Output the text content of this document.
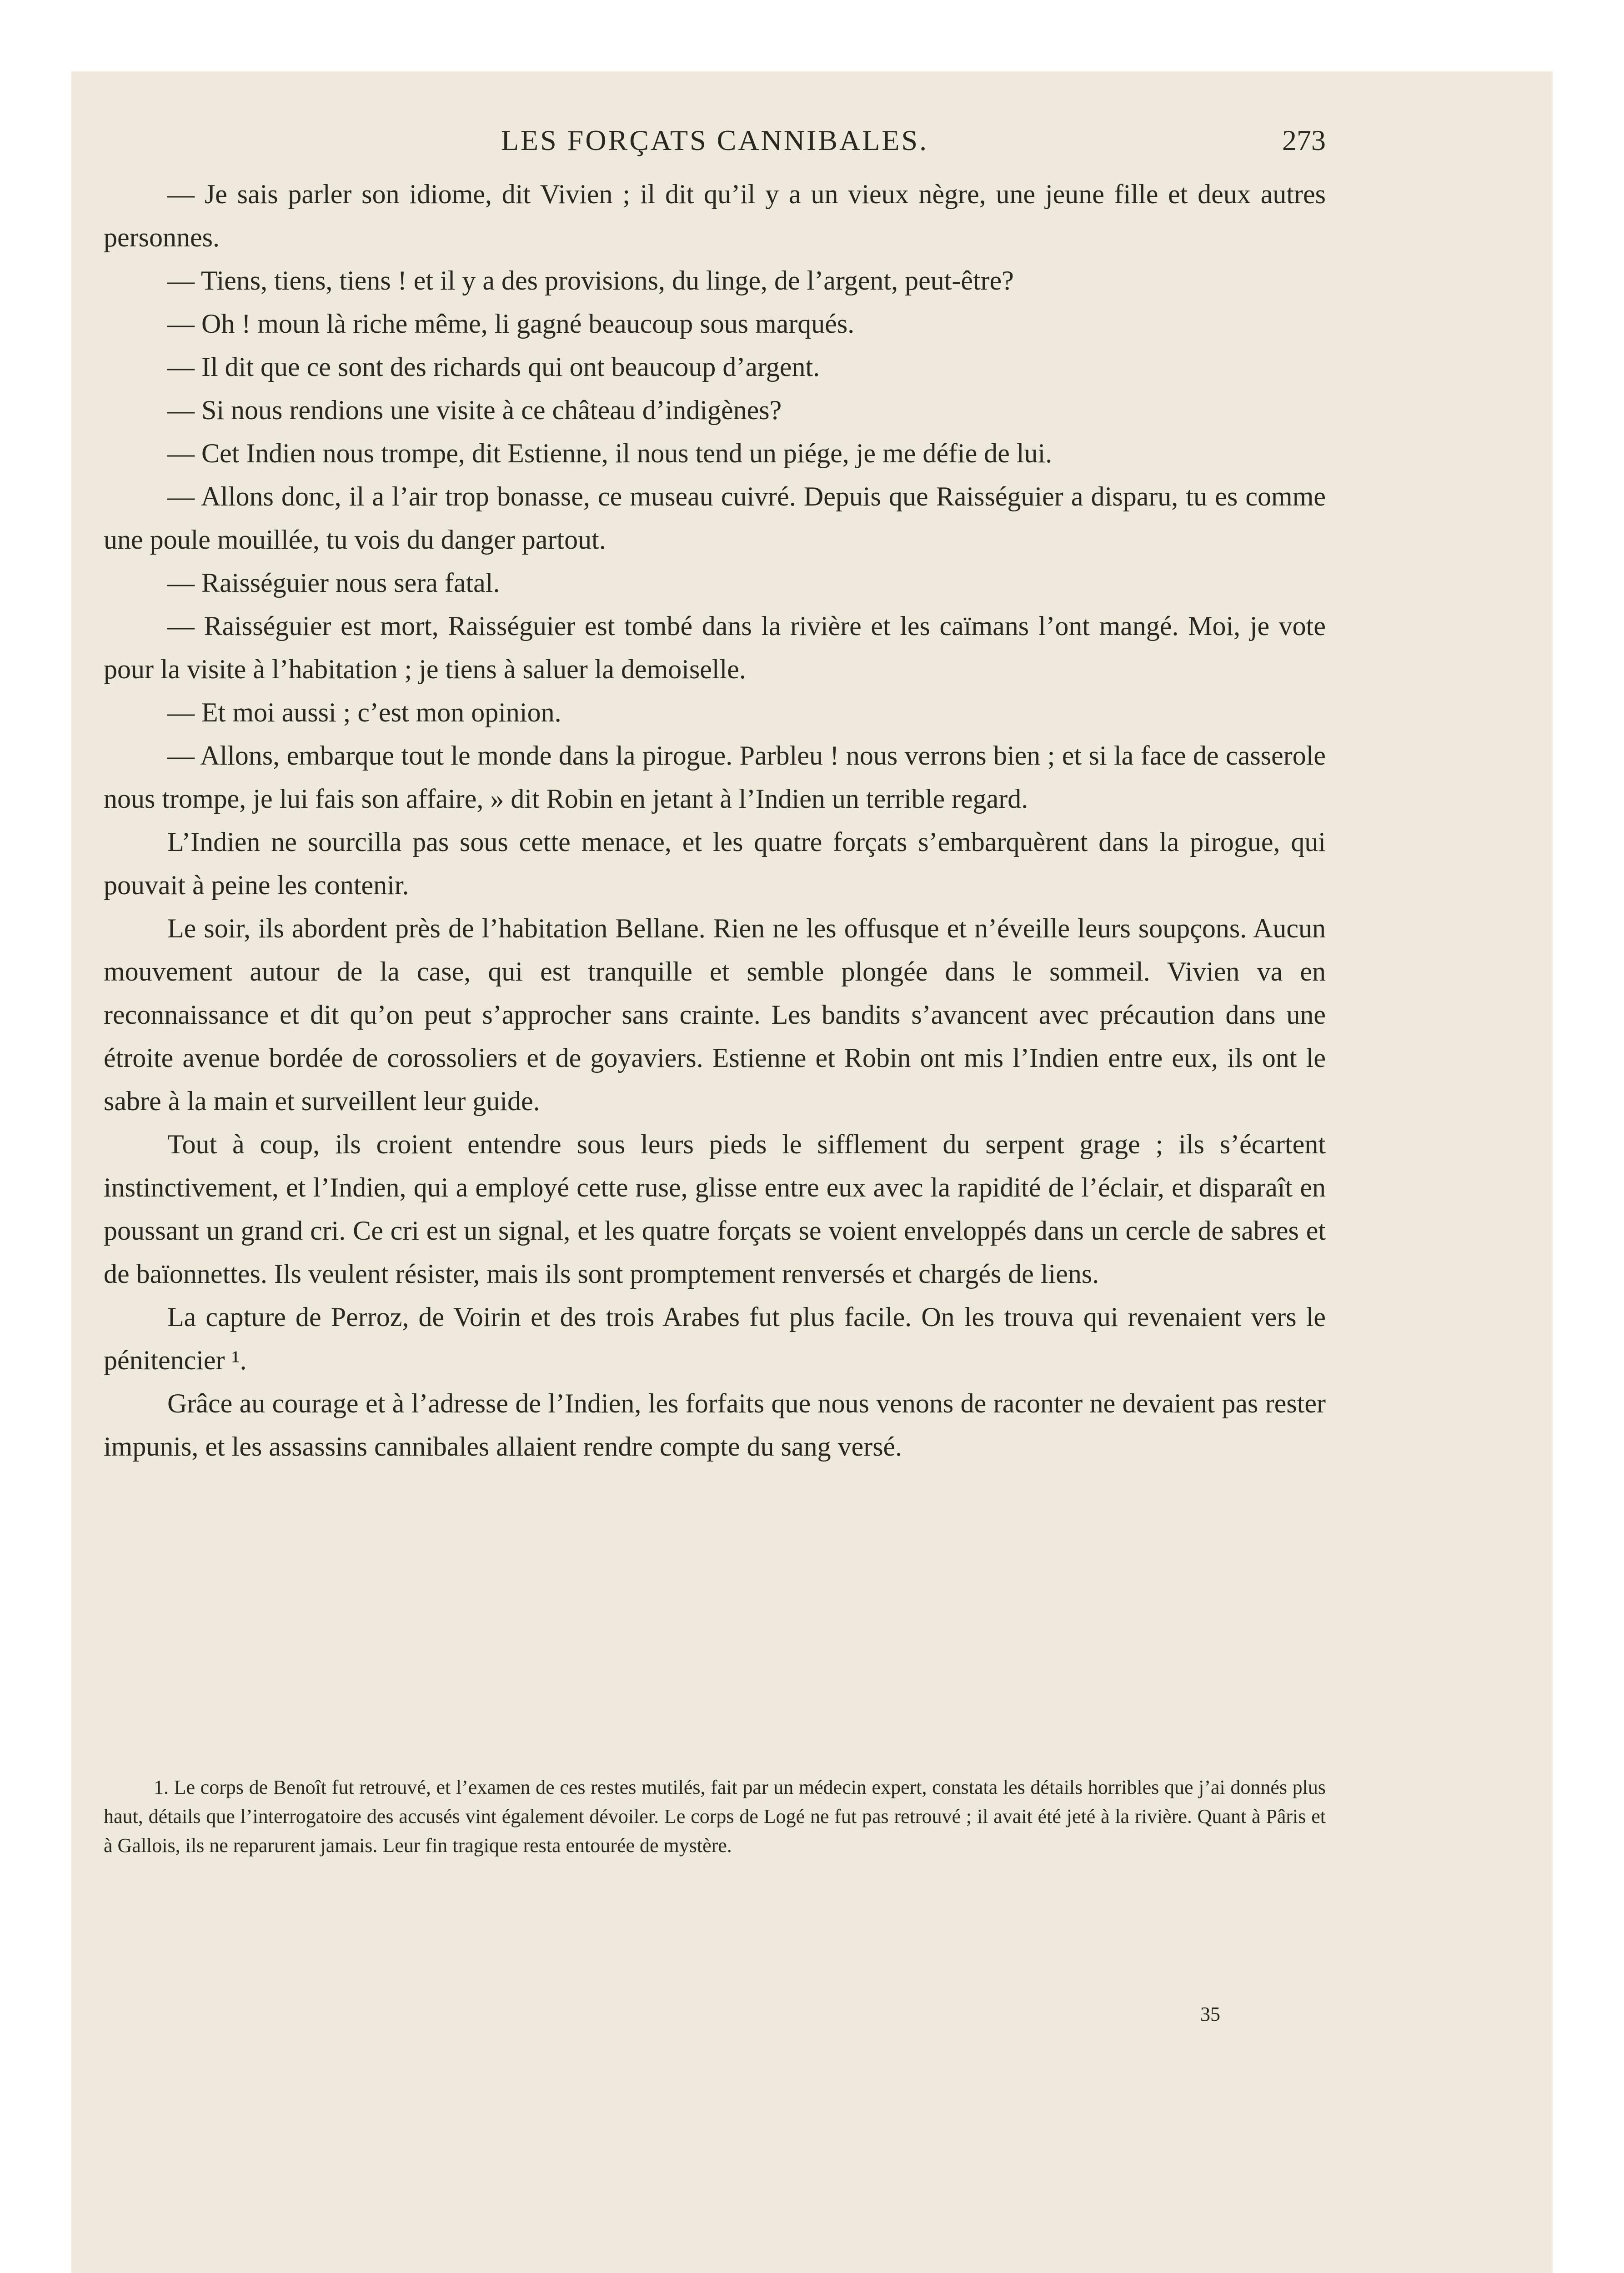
LES FORÇATS CANNIBALES.	273

— Je sais parler son idiome, dit Vivien ; il dit qu’il y a un vieux nègre, une jeune fille et deux autres personnes.

— Tiens, tiens, tiens ! et il y a des provisions, du linge, de l’argent, peut-être?

— Oh ! moun là riche même, li gagné beaucoup sous marqués.

— Il dit que ce sont des richards qui ont beaucoup d’argent.

— Si nous rendions une visite à ce château d’indigènes?

— Cet Indien nous trompe, dit Estienne, il nous tend un piége, je me défie de lui.

— Allons donc, il a l’air trop bonasse, ce museau cuivré. Depuis que Raisséguier a disparu, tu es comme une poule mouillée, tu vois du danger partout.

— Raisséguier nous sera fatal.

— Raisséguier est mort, Raisséguier est tombé dans la rivière et les caïmans l’ont mangé. Moi, je vote pour la visite à l’habitation ; je tiens à saluer la demoiselle.

— Et moi aussi ; c’est mon opinion.

— Allons, embarque tout le monde dans la pirogue. Parbleu ! nous verrons bien ; et si la face de casserole nous trompe, je lui fais son affaire, » dit Robin en jetant à l’Indien un terrible regard.

L’Indien ne sourcilla pas sous cette menace, et les quatre forçats s’embarquèrent dans la pirogue, qui pouvait à peine les contenir.

Le soir, ils abordent près de l’habitation Bellane. Rien ne les offusque et n’éveille leurs soupçons. Aucun mouvement autour de la case, qui est tranquille et semble plongée dans le sommeil. Vivien va en reconnaissance et dit qu’on peut s’approcher sans crainte. Les bandits s’avancent avec précaution dans une étroite avenue bordée de corossoliers et de goyaviers. Estienne et Robin ont mis l’Indien entre eux, ils ont le sabre à la main et surveillent leur guide.

Tout à coup, ils croient entendre sous leurs pieds le sifflement du serpent grage ; ils s’écartent instinctivement, et l’Indien, qui a employé cette ruse, glisse entre eux avec la rapidité de l’éclair, et disparaît en poussant un grand cri. Ce cri est un signal, et les quatre forçats se voient enveloppés dans un cercle de sabres et de baïonnettes. Ils veulent résister, mais ils sont promptement renversés et chargés de liens.

La capture de Perroz, de Voirin et des trois Arabes fut plus facile. On les trouva qui revenaient vers le pénitencier ¹.

Grâce au courage et à l’adresse de l’Indien, les forfaits que nous venons de raconter ne devaient pas rester impunis, et les assassins cannibales allaient rendre compte du sang versé.

1. Le corps de Benoît fut retrouvé, et l’examen de ces restes mutilés, fait par un médecin expert, constata les détails horribles que j’ai donnés plus haut, détails que l’interrogatoire des accusés vint également dévoiler. Le corps de Logé ne fut pas retrouvé ; il avait été jeté à la rivière. Quant à Pâris et à Gallois, ils ne reparurent jamais. Leur fin tragique resta entourée de mystère.
35
